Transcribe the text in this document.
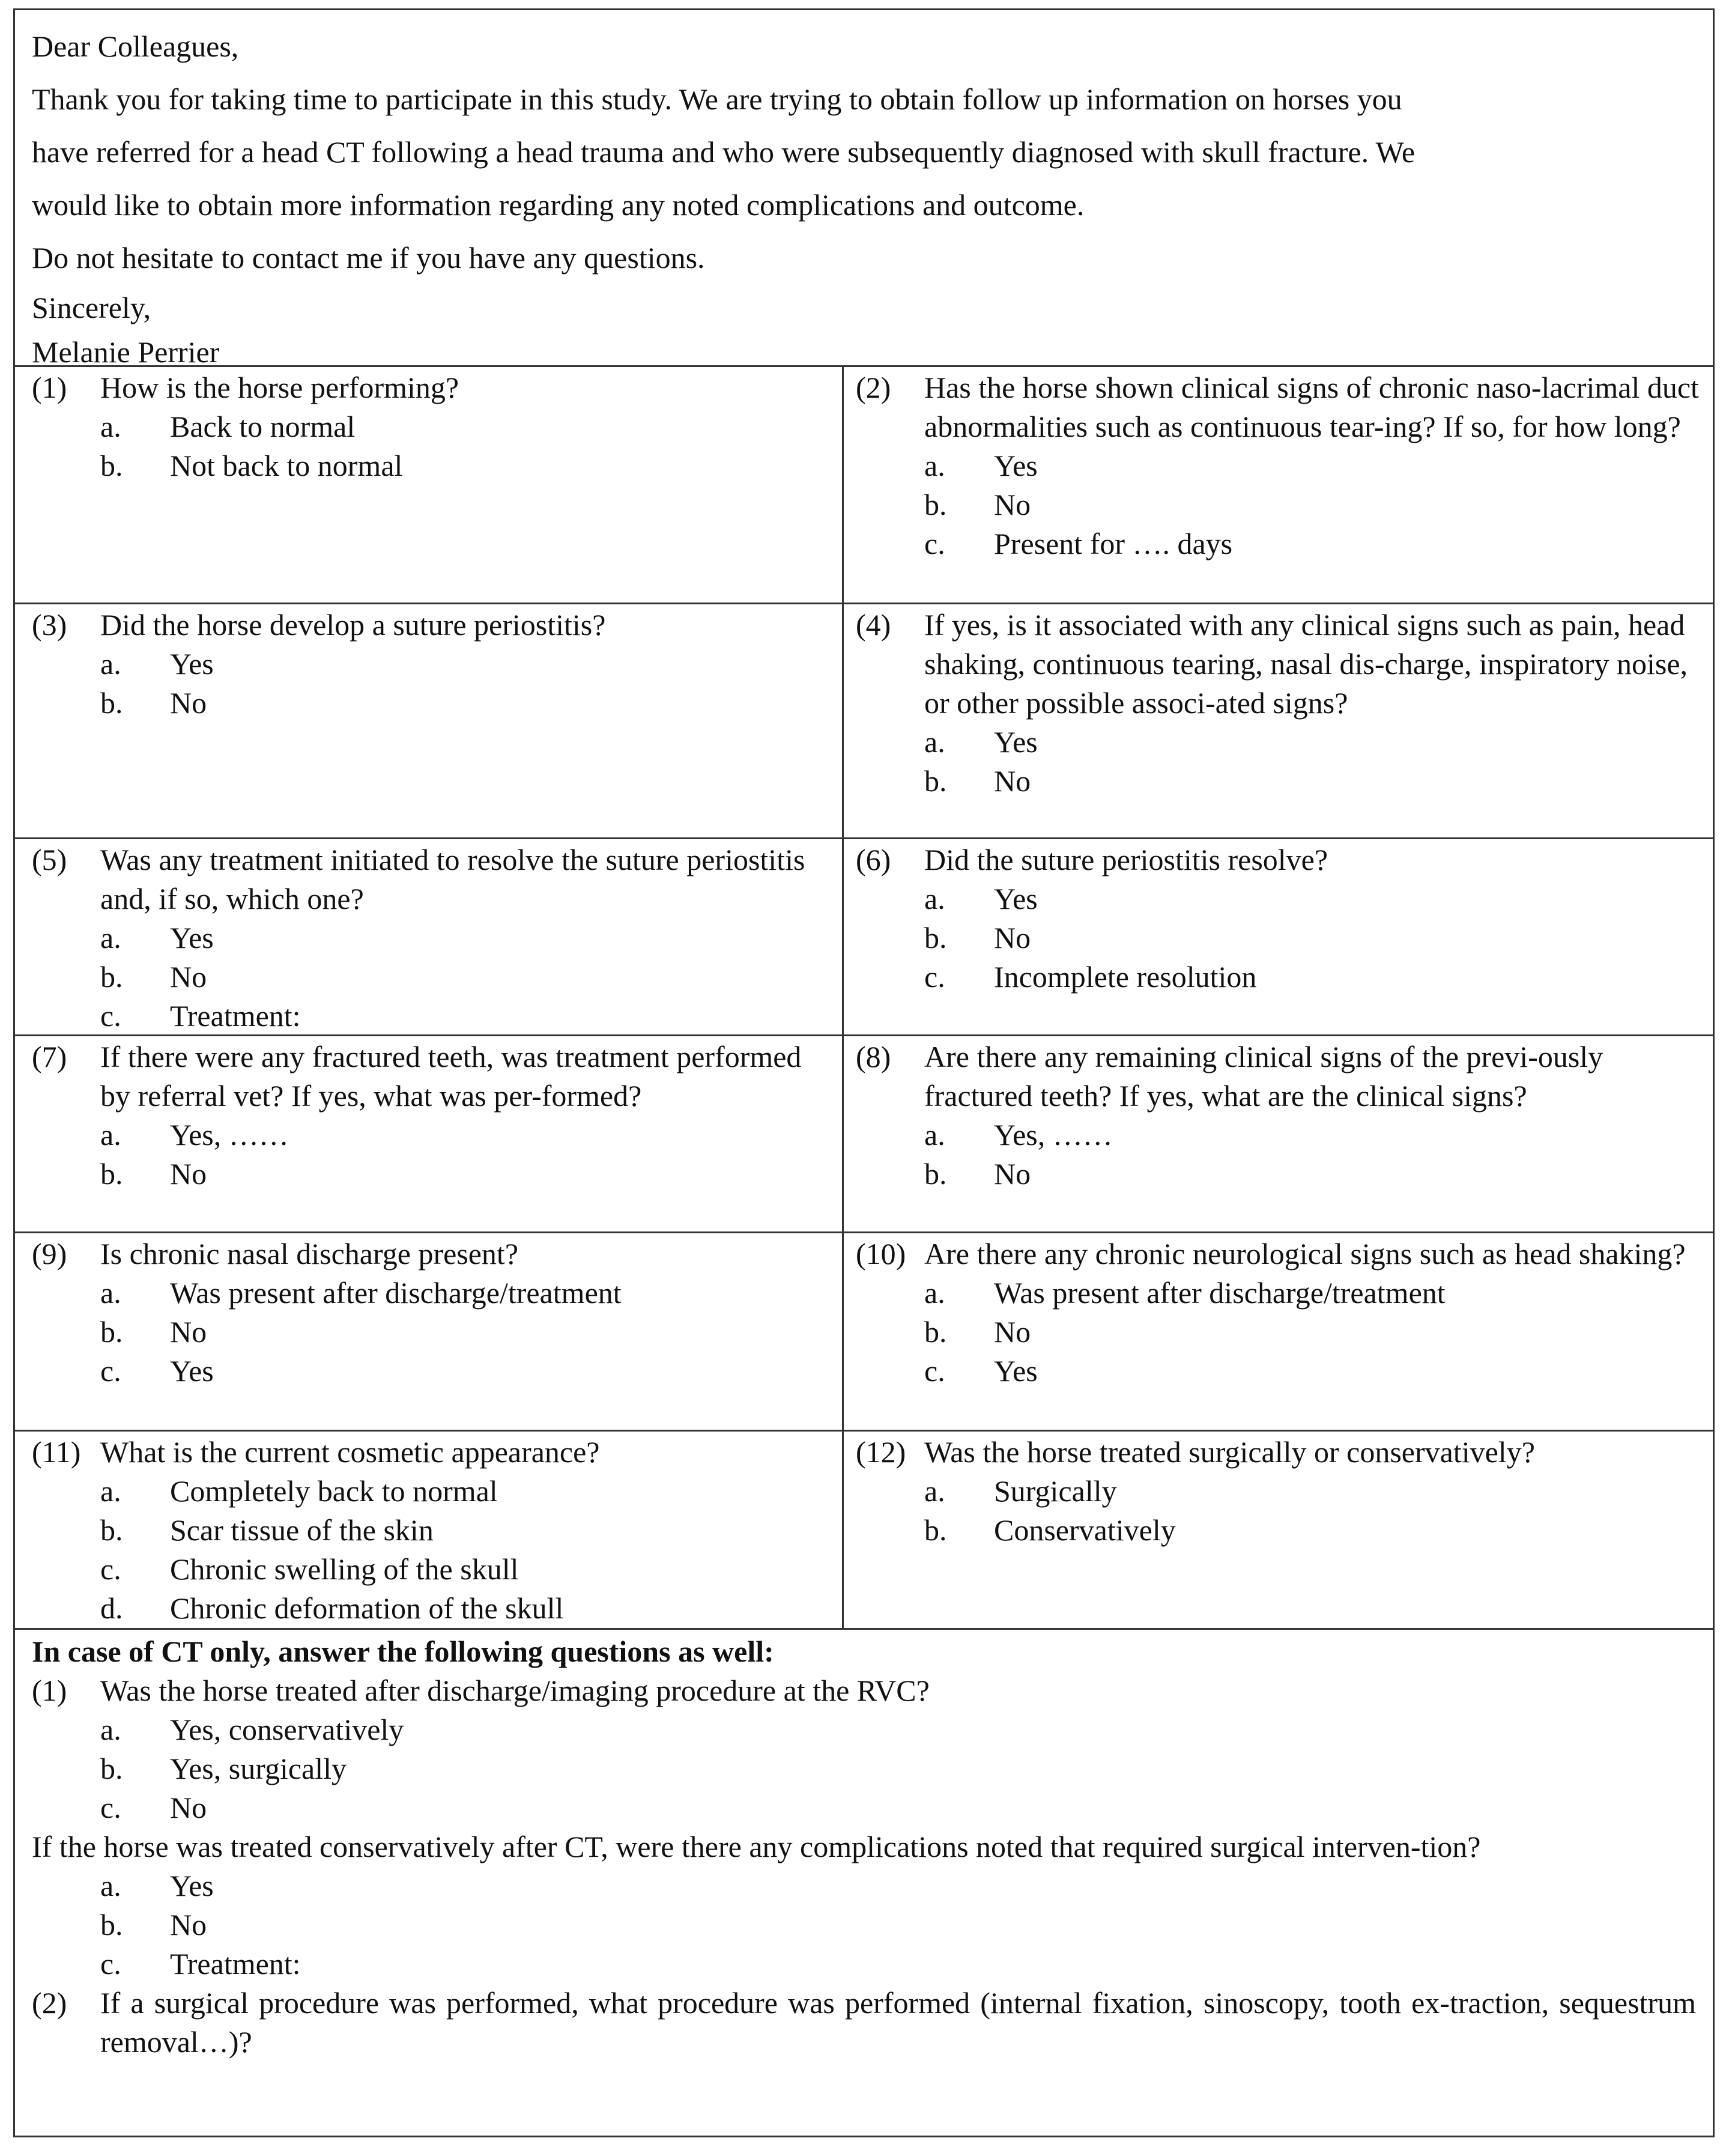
Dear Colleagues,

Thank you for taking time to participate in this study. We are trying to obtain follow up information on horses you

have referred for a head CT following a head trauma and who were subsequently diagnosed with skull fracture. We

would like to obtain more information regarding any noted complications and outcome.

Do not hesitate to contact me if you have any questions.

Sincerely,

Melanie Perrier

(1)	How is the horse performing?
a.	Back to normal
b.	Not back to normal
(2)	Has the horse shown clinical signs of chronic naso-lacrimal duct abnormalities such as continuous tear-ing? If so, for how long?
a.	Yes
b.	No
c.	Present for …. days
(3)	Did the horse develop a suture periostitis?
a.	Yes
b.	No
(4)	If yes, is it associated with any clinical signs such as pain, head shaking, continuous tearing, nasal dis-charge, inspiratory noise, or other possible associ-ated signs?
a.	Yes
b.	No
(5)	Was any treatment initiated to resolve the suture periostitis and, if so, which one?
a.	Yes
b.	No
c.	Treatment:
(6)	Did the suture periostitis resolve?
a.	Yes
b.	No
c.	Incomplete resolution
(7)	If there were any fractured teeth, was treatment performed by referral vet? If yes, what was per-formed?
a.	Yes, ……
b.	No
(8)	Are there any remaining clinical signs of the previ-ously fractured teeth? If yes, what are the clinical signs?
a.	Yes, ……
b.	No
(9)	Is chronic nasal discharge present?
a.	Was present after discharge/treatment
b.	No
c.	Yes
(10) Are there any chronic neurological signs such as head shaking?
a.	Was present after discharge/treatment
b.	No
c.	Yes
(11) What is the current cosmetic appearance?
a.	Completely back to normal
b.	Scar tissue of the skin
c.	Chronic swelling of the skull
d.	Chronic deformation of the skull
(12) Was the horse treated surgically or conservatively?
a.	Surgically
b.	Conservatively
In case of CT only, answer the following questions as well:
(1)	Was the horse treated after discharge/imaging procedure at the RVC?
a.	Yes, conservatively
b.	Yes, surgically
c.	No
If the horse was treated conservatively after CT, were there any complications noted that required surgical interven-tion?
a.	Yes
b.	No
c.	Treatment:
(2)	If a surgical procedure was performed, what procedure was performed (internal fixation, sinoscopy, tooth ex-traction, sequestrum removal…)?
